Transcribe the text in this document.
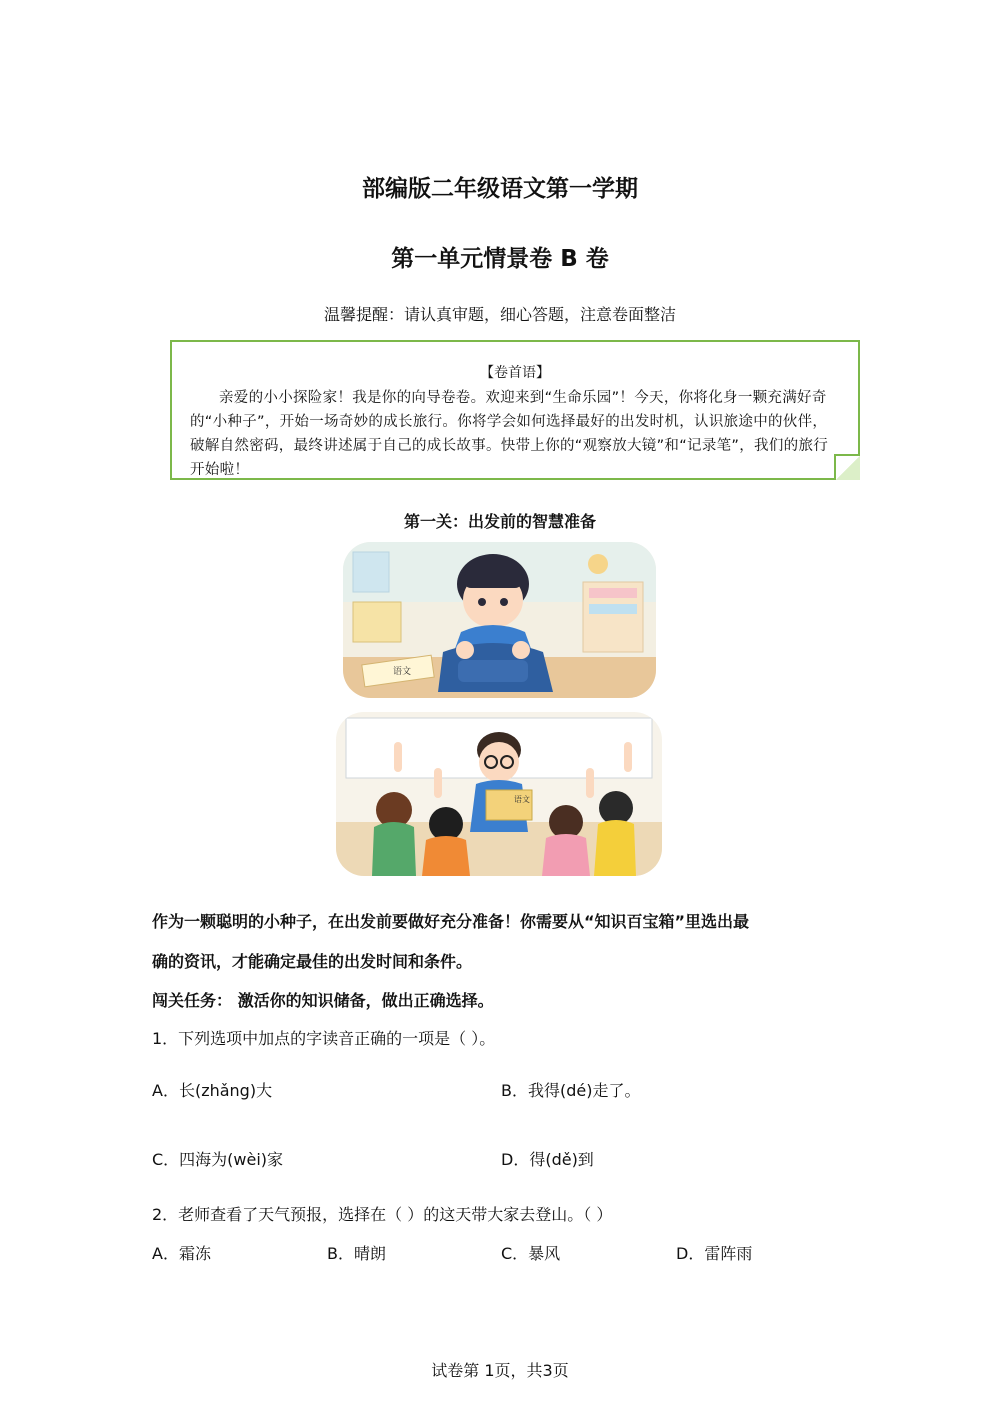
部编版二年级语文第一学期
第一单元情景卷 B 卷
温馨提醒：请认真审题，细心答题，注意卷面整洁
【卷首语】
亲爱的小小探险家！我是你的向导卷卷。欢迎来到“生命乐园”！今天，你将化身一颗充满好奇的“小种子”，开始一场奇妙的成长旅行。你将学会如何选择最好的出发时机，认识旅途中的伙伴，破解自然密码，最终讲述属于自己的成长故事。快带上你的“观察放大镜”和“记录笔”，我们的旅行开始啦！
第一关：出发前的智慧准备
语文
语文
作为一颗聪明的小种子，在出发前要做好充分准备！你需要从“知识百宝箱”里选出最
确的资讯，才能确定最佳的出发时间和条件。
闯关任务： 激活你的知识储备，做出正确选择。
1．下列选项中加点的字读音正确的一项是（ ）。
A．长(zhǎng)大	B．我得(dé)走了。
C．四海为(wèi)家	D．得(dě)到
2．老师查看了天气预报，选择在（ ）的这天带大家去登山。（ ）
A．霜冻	B．晴朗	C．暴风	D．雷阵雨
试卷第 1页，共3页
